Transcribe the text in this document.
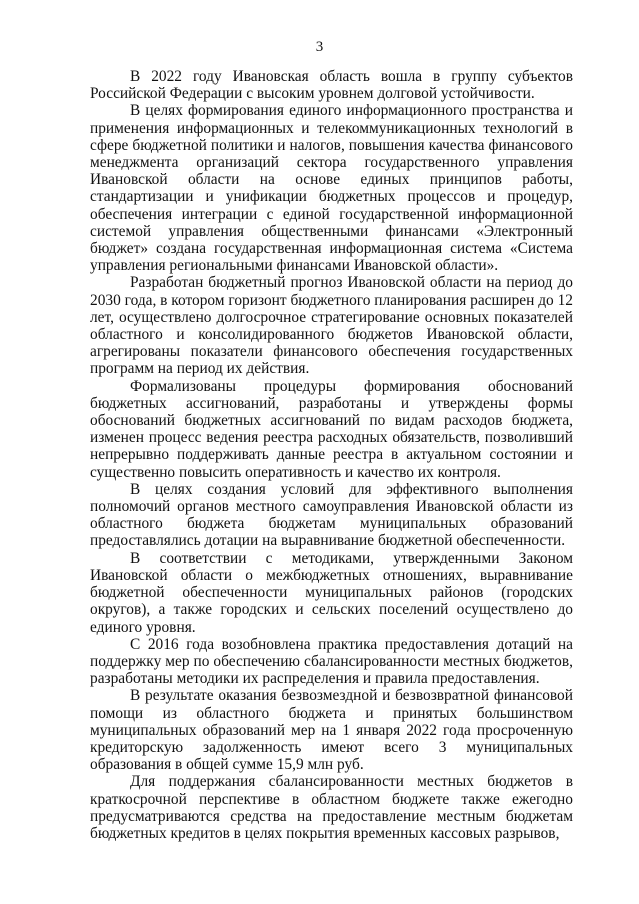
3

В 2022 году Ивановская область вошла в группу субъектов Российской Федерации с высоким уровнем долговой устойчивости.

В целях формирования единого информационного пространства и применения информационных и телекоммуникационных технологий в сфере бюджетной политики и налогов, повышения качества финансового менеджмента организаций сектора государственного управления Ивановской области на основе единых принципов работы, стандартизации и унификации бюджетных процессов и процедур, обеспечения интеграции с единой государственной информационной системой управления общественными финансами «Электронный бюджет» создана государственная информационная система «Система управления региональными финансами Ивановской области».

Разработан бюджетный прогноз Ивановской области на период до 2030 года, в котором горизонт бюджетного планирования расширен до 12 лет, осуществлено долгосрочное стратегирование основных показателей областного и консолидированного бюджетов Ивановской области, агрегированы показатели финансового обеспечения государственных программ на период их действия.

Формализованы процедуры формирования обоснований бюджетных ассигнований, разработаны и утверждены формы обоснований бюджетных ассигнований по видам расходов бюджета, изменен процесс ведения реестра расходных обязательств, позволивший непрерывно поддерживать данные реестра в актуальном состоянии и существенно повысить оперативность и качество их контроля.

В целях создания условий для эффективного выполнения полномочий органов местного самоуправления Ивановской области из областного бюджета бюджетам муниципальных образований предоставлялись дотации на выравнивание бюджетной обеспеченности.

В соответствии с методиками, утвержденными Законом Ивановской области о межбюджетных отношениях, выравнивание бюджетной обеспеченности муниципальных районов (городских округов), а также городских и сельских поселений осуществлено до единого уровня.

С 2016 года возобновлена практика предоставления дотаций на поддержку мер по обеспечению сбалансированности местных бюджетов, разработаны методики их распределения и правила предоставления.

В результате оказания безвозмездной и безвозвратной финансовой помощи из областного бюджета и принятых большинством муниципальных образований мер на 1 января 2022 года просроченную кредиторскую задолженность имеют всего 3 муниципальных образования в общей сумме 15,9 млн руб.

Для поддержания сбалансированности местных бюджетов в краткосрочной перспективе в областном бюджете также ежегодно предусматриваются средства на предоставление местным бюджетам бюджетных кредитов в целях покрытия временных кассовых разрывов,
